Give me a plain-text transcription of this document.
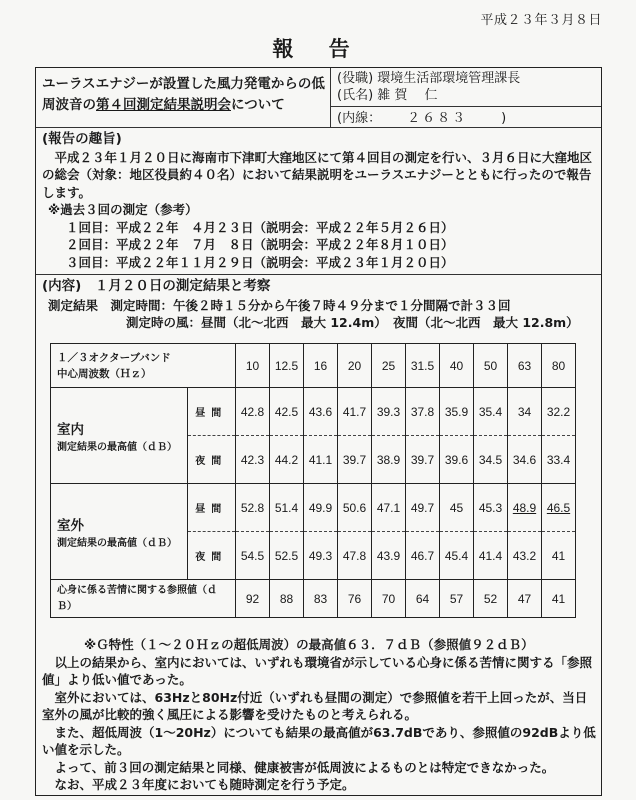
平成２３年３月８日
報 告
ユーラスエナジーが設置した風力発電からの低
周波音の第４回測定結果説明会について
(役職) 環境生活部環境管理課長
(氏名) 雑 賀　 仁
(内線： ２６８３	)
(報告の趣旨)
平成２３年１月２０日に海南市下津町大窪地区にて第４回目の測定を行い、３月６日に大窪地区の総会（対象：地区役員約４０名）において結果説明をユーラスエナジーとともに行ったので報告します。
※過去３回の測定（参考）
１回目：平成２２年　４月２３日（説明会：平成２２年５月２６日）
２回目：平成２２年　７月　８日（説明会：平成２２年８月１０日）
３回目：平成２２年１１月２９日（説明会：平成２３年１月２０日）
(内容)　１月２０日の測定結果と考察
測定結果　測定時間：午後２時１５分から午後７時４９分まで１分間隔で計３３回
測定時の風：昼間（北～北西　最大 12.4m）　夜間（北～北西　最大 12.8m）
１／３オクターブバンド
中心周波数（Ｈｚ）		10	12.5	16	20	25	31.5	40	50	63	80

室内
測定結果の最高値（ｄＢ）	昼間	42.8	42.5	43.6	41.7	39.3	37.8	35.9	35.4	34	32.2
	夜間	42.3	44.2	41.1	39.7	38.9	39.7	39.6	34.5	34.6	33.4

室外
測定結果の最高値（ｄＢ）	昼間	52.8	51.4	49.9	50.6	47.1	49.7	45	45.3	48.9	46.5
	夜間	54.5	52.5	49.3	47.8	43.9	46.7	45.4	41.4	43.2	41
心身に係る苦情に関する参照値（ｄＢ）		92	88	83	76	70	64	57	52	47	41
※Ｇ特性（１～２０Ｈｚの超低周波）の最高値６３．７ｄＢ（参照値９２ｄＢ）
以上の結果から、室内においては、いずれも環境省が示している心身に係る苦情に関する「参照値」より低い値であった。
室外においては、63Hzと80Hz付近（いずれも昼間の測定）で参照値を若干上回ったが、当日室外の風が比較的強く風圧による影響を受けたものと考えられる。
また、超低周波（1～20Hz）についても結果の最高値が63.7dBであり、参照値の92dBより低い値を示した。
よって、前３回の測定結果と同様、健康被害が低周波によるものとは特定できなかった。
なお、平成２３年度においても随時測定を行う予定。
